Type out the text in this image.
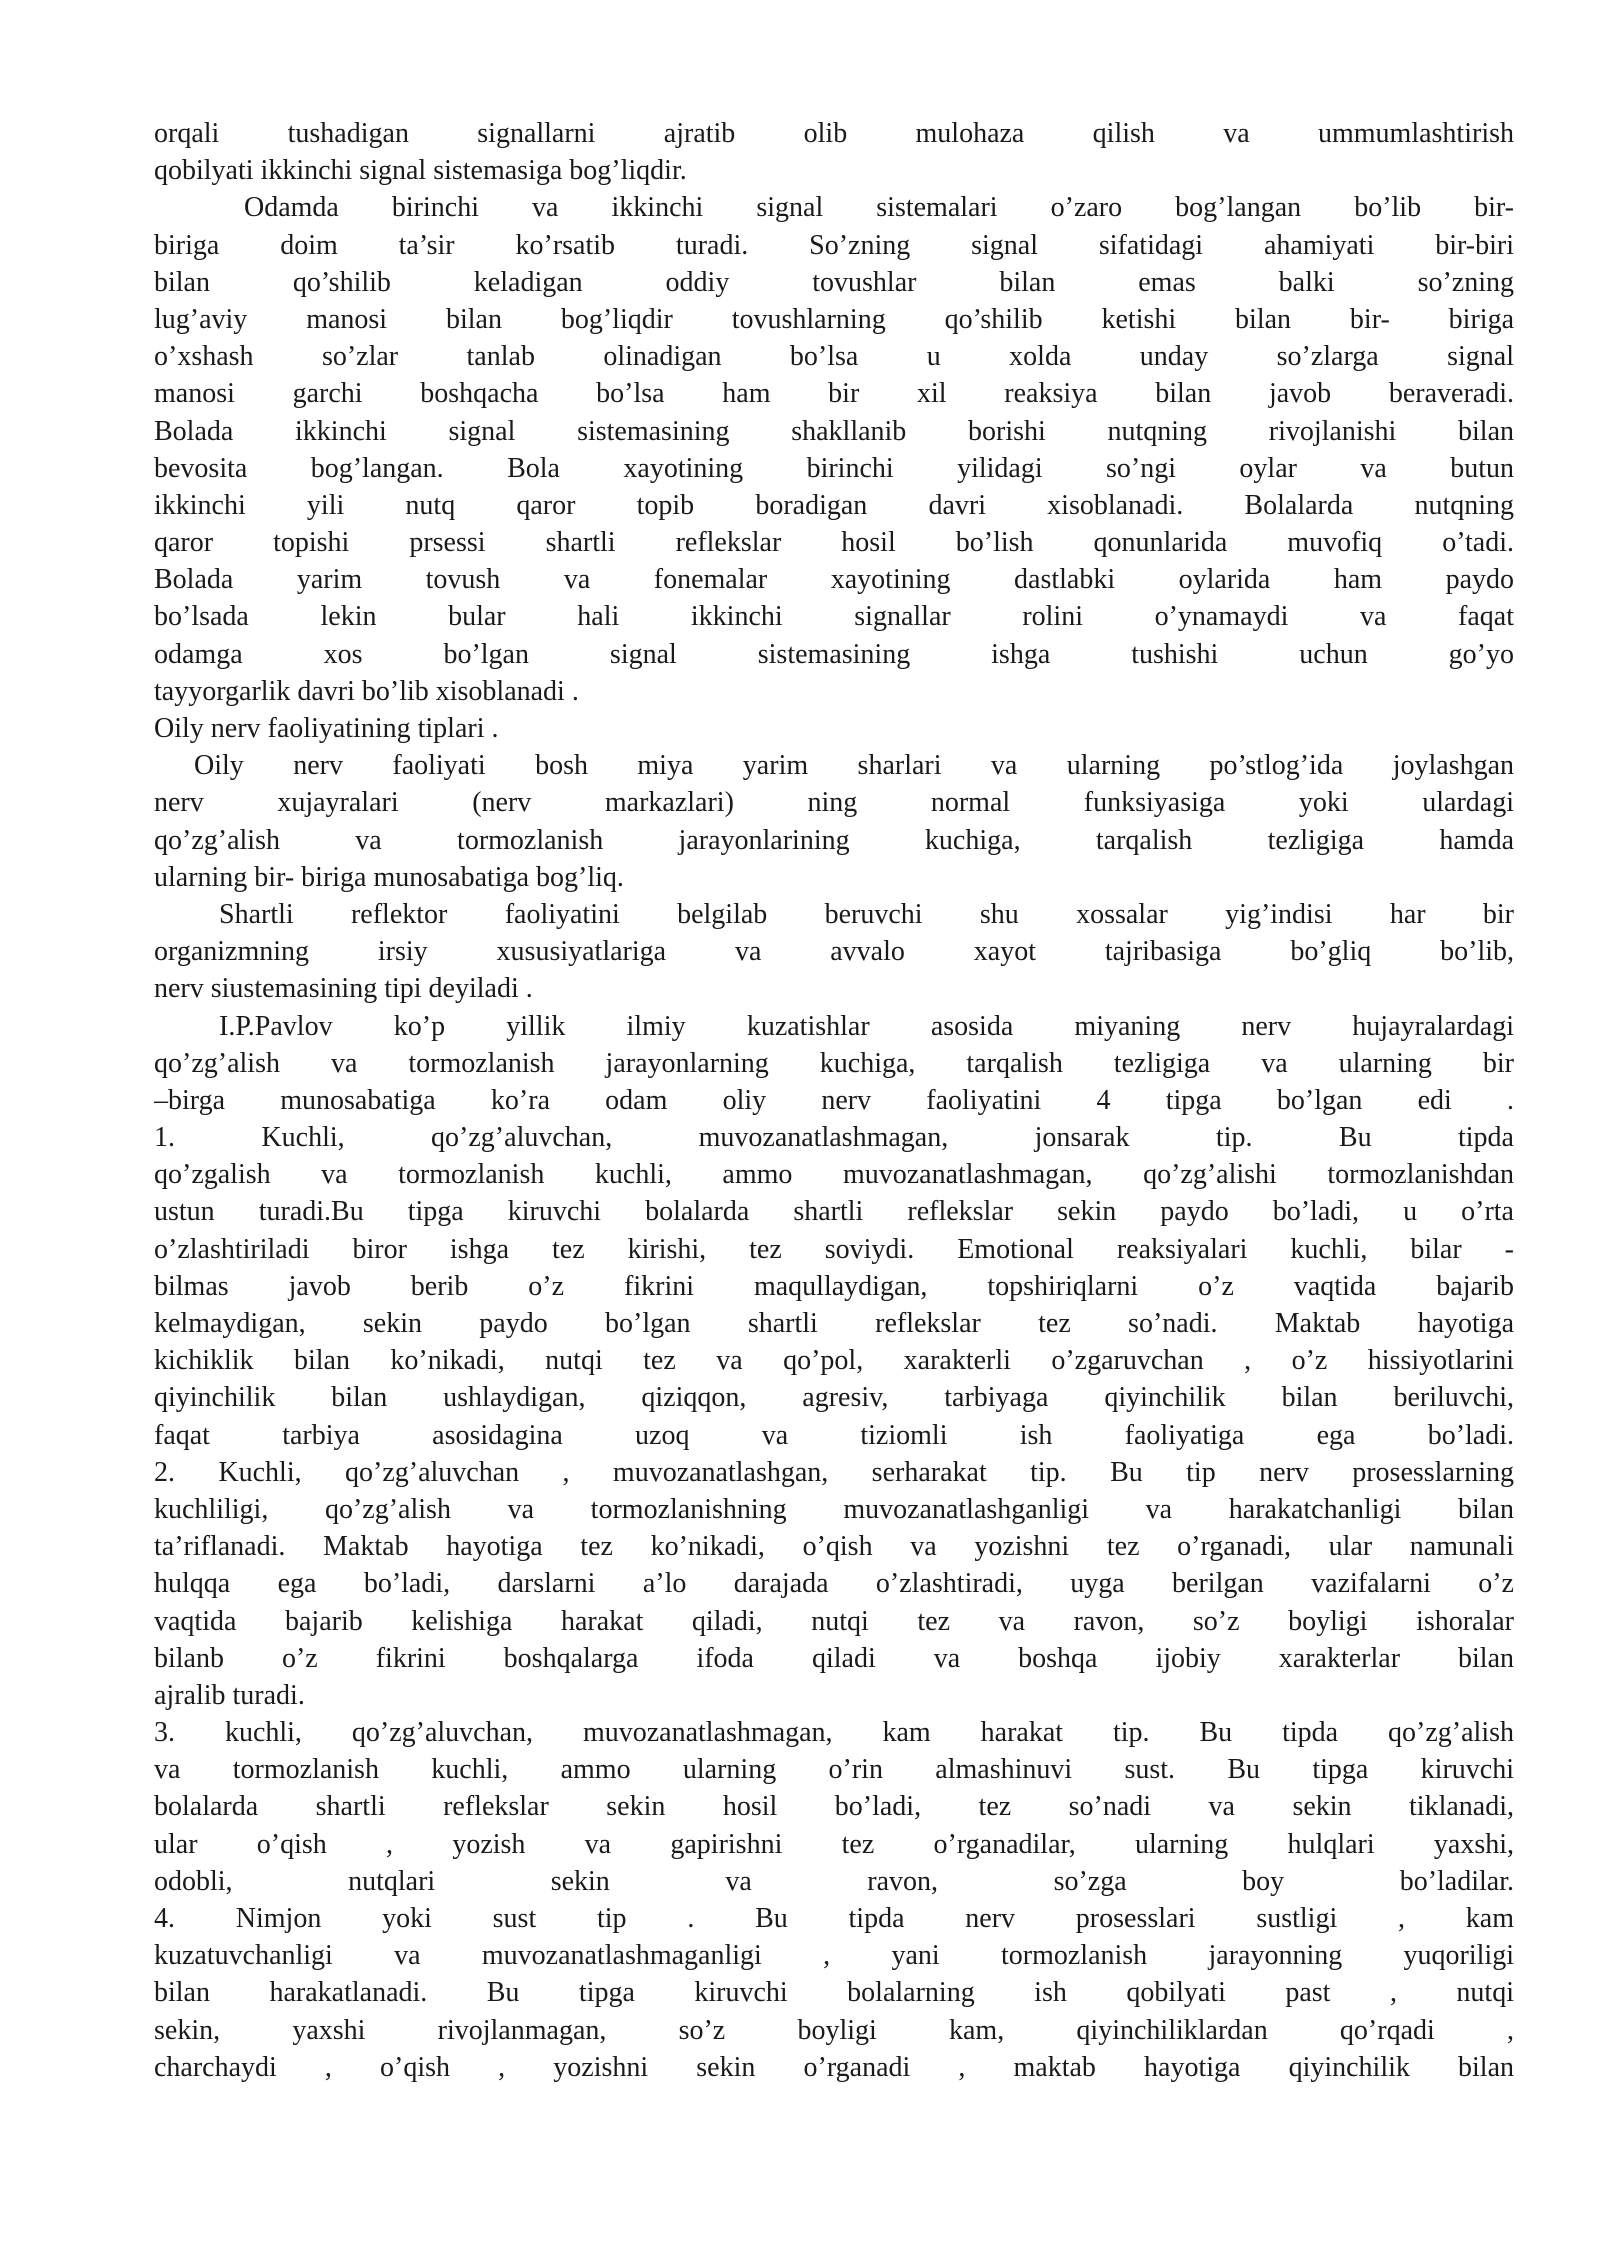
orqali tushadigan signallarni ajratib olib mulohaza qilish va ummumlashtirish
qobilyati ikkinchi signal sistemasiga bog’liqdir.
Odamda birinchi va ikkinchi signal sistemalari o’zaro bog’langan bo’lib bir-
biriga doim ta’sir ko’rsatib turadi. So’zning signal sifatidagi ahamiyati bir-biri
bilan qo’shilib keladigan oddiy tovushlar bilan emas balki so’zning
lug’aviy manosi bilan bog’liqdir tovushlarning qo’shilib ketishi bilan bir- biriga
o’xshash so’zlar tanlab olinadigan bo’lsa u xolda unday so’zlarga signal
manosi garchi boshqacha bo’lsa ham bir xil reaksiya bilan javob beraveradi.
Bolada ikkinchi signal sistemasining shakllanib borishi nutqning rivojlanishi bilan
bevosita bog’langan. Bola xayotining birinchi yilidagi so’ngi oylar va butun
ikkinchi yili nutq qaror topib boradigan davri xisoblanadi. Bolalarda nutqning
qaror topishi prsessi shartli reflekslar hosil bo’lish qonunlarida muvofiq o’tadi.
Bolada yarim tovush va fonemalar xayotining dastlabki oylarida ham paydo
bo’lsada lekin bular hali ikkinchi signallar rolini o’ynamaydi va faqat
odamga xos bo’lgan signal sistemasining ishga tushishi uchun go’yo
tayyorgarlik davri bo’lib xisoblanadi .
Oily nerv faoliyatining tiplari .
Oily nerv faoliyati bosh miya yarim sharlari va ularning po’stlog’ida joylashgan
nerv xujayralari (nerv markazlari) ning normal funksiyasiga yoki ulardagi
qo’zg’alish va tormozlanish jarayonlarining kuchiga, tarqalish tezligiga hamda
ularning bir- biriga munosabatiga bog’liq.
Shartli reflektor faoliyatini belgilab beruvchi shu xossalar yig’indisi har bir
organizmning irsiy xususiyatlariga va avvalo xayot tajribasiga bo’gliq bo’lib,
nerv siustemasining tipi deyiladi .
I.P.Pavlov ko’p yillik ilmiy kuzatishlar asosida miyaning nerv hujayralardagi
qo’zg’alish va tormozlanish jarayonlarning kuchiga, tarqalish tezligiga va ularning bir
–birga munosabatiga ko’ra odam oliy nerv faoliyatini 4 tipga bo’lgan edi .
1. Kuchli, qo’zg’aluvchan, muvozanatlashmagan, jonsarak tip. Bu tipda
qo’zgalish va tormozlanish kuchli, ammo muvozanatlashmagan, qo’zg’alishi tormozlanishdan
ustun turadi.Bu tipga kiruvchi bolalarda shartli reflekslar sekin paydo bo’ladi, u o’rta
o’zlashtiriladi biror ishga tez kirishi, tez soviydi. Emotional reaksiyalari kuchli, bilar -
bilmas javob berib o’z fikrini maqullaydigan, topshiriqlarni o’z vaqtida bajarib
kelmaydigan, sekin paydo bo’lgan shartli reflekslar tez so’nadi. Maktab hayotiga
kichiklik bilan ko’nikadi, nutqi tez va qo’pol, xarakterli o’zgaruvchan , o’z hissiyotlarini
qiyinchilik bilan ushlaydigan, qiziqqon, agresiv, tarbiyaga qiyinchilik bilan beriluvchi,
faqat tarbiya asosidagina uzoq va tiziomli ish faoliyatiga ega bo’ladi.
2. Kuchli, qo’zg’aluvchan , muvozanatlashgan, serharakat tip. Bu tip nerv prosesslarning
kuchliligi, qo’zg’alish va tormozlanishning muvozanatlashganligi va harakatchanligi bilan
ta’riflanadi. Maktab hayotiga tez ko’nikadi, o’qish va yozishni tez o’rganadi, ular namunali
hulqqa ega bo’ladi, darslarni a’lo darajada o’zlashtiradi, uyga berilgan vazifalarni o’z
vaqtida bajarib kelishiga harakat qiladi, nutqi tez va ravon, so’z boyligi ishoralar
bilanb o’z fikrini boshqalarga ifoda qiladi va boshqa ijobiy xarakterlar bilan
ajralib turadi.
3. kuchli, qo’zg’aluvchan, muvozanatlashmagan, kam harakat tip. Bu tipda qo’zg’alish
va tormozlanish kuchli, ammo ularning o’rin almashinuvi sust. Bu tipga kiruvchi
bolalarda shartli reflekslar sekin hosil bo’ladi, tez so’nadi va sekin tiklanadi,
ular o’qish , yozish va gapirishni tez o’rganadilar, ularning hulqlari yaxshi,
odobli, nutqlari sekin va ravon, so’zga boy bo’ladilar.
4. Nimjon yoki sust tip . Bu tipda nerv prosesslari sustligi , kam
kuzatuvchanligi va muvozanatlashmaganligi , yani tormozlanish jarayonning yuqoriligi
bilan harakatlanadi. Bu tipga kiruvchi bolalarning ish qobilyati past , nutqi
sekin, yaxshi rivojlanmagan, so’z boyligi kam, qiyinchiliklardan qo’rqadi ,
charchaydi , o’qish , yozishni sekin o’rganadi , maktab hayotiga qiyinchilik bilan
